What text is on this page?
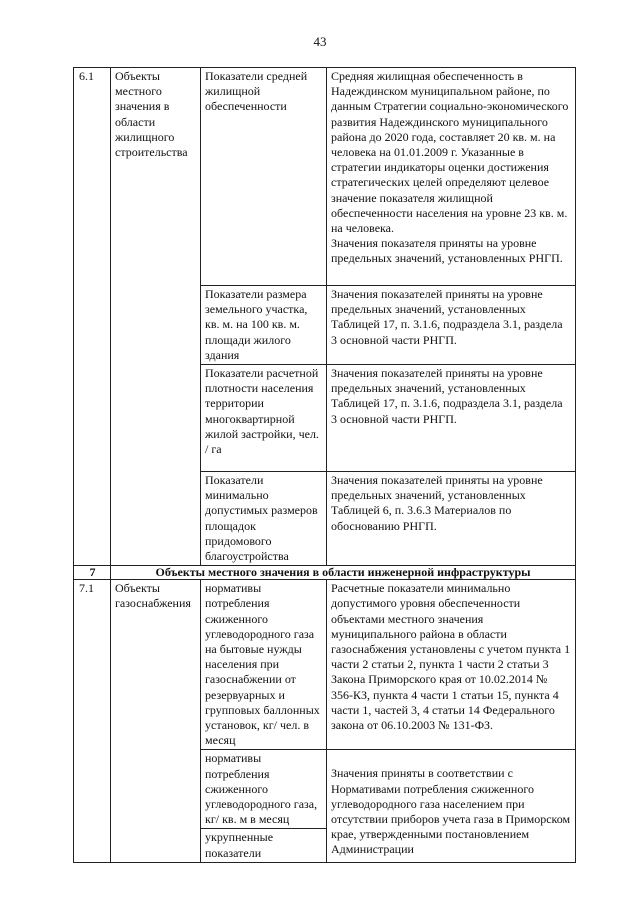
43
6.1	Объекты местного значения в области жилищного строительства	Показатели средней жилищной обеспеченности	Средняя жилищная обеспеченность в Надеждинском муниципальном районе, по данным Стратегии социально-экономического развития Надеждинского муниципального района до 2020 года, составляет 20 кв. м. на человека на 01.01.2009 г. Указанные в стратегии индикаторы оценки достижения стратегических целей определяют целевое значение показателя жилищной обеспеченности населения на уровне 23 кв. м. на человека.
Значения показателя приняты на уровне предельных значений, установленных РНГП.

		Показатели размера земельного участка, кв. м. на 100 кв. м. площади жилого здания	Значения показателей приняты на уровне предельных значений, установленных Таблицей 17, п. 3.1.6, подраздела 3.1, раздела 3 основной части РНГП.
		Показатели расчетной плотности населения территории многоквартирной жилой застройки, чел. / га	Значения показателей приняты на уровне предельных значений, установленных Таблицей 17, п. 3.1.6, подраздела 3.1, раздела 3 основной части РНГП.
		Показатели минимально допустимых размеров площадок придомового благоустройства	Значения показателей приняты на уровне предельных значений, установленных Таблицей 6, п. 3.6.3 Материалов по обоснованию РНГП.
7	Объекты местного значения в области инженерной инфраструктуры		
7.1	Объекты газоснабжения	нормативы потребления сжиженного углеводородного газа на бытовые нужды населения при газоснабжении от резервуарных и групповых баллонных установок, кг/ чел. в месяц	Расчетные показатели минимально допустимого уровня обеспеченности объектами местного значения муниципального района в области газоснабжения установлены с учетом пункта 1 части 2 статьи 2, пункта 1 части 2 статьи 3 Закона Приморского края от 10.02.2014 № 356-КЗ, пункта 4 части 1 статьи 15, пункта 4 части 1, частей 3, 4 статьи 14 Федерального закона от 06.10.2003 № 131-ФЗ.
		нормативы потребления сжиженного углеводородного газа, кг/ кв. м в месяц	Значения приняты в соответствии с Нормативами потребления сжиженного углеводородного газа населением при отсутствии приборов учета газа в Приморском крае, утвержденными постановлением Администрации

		укрупненные показатели	
